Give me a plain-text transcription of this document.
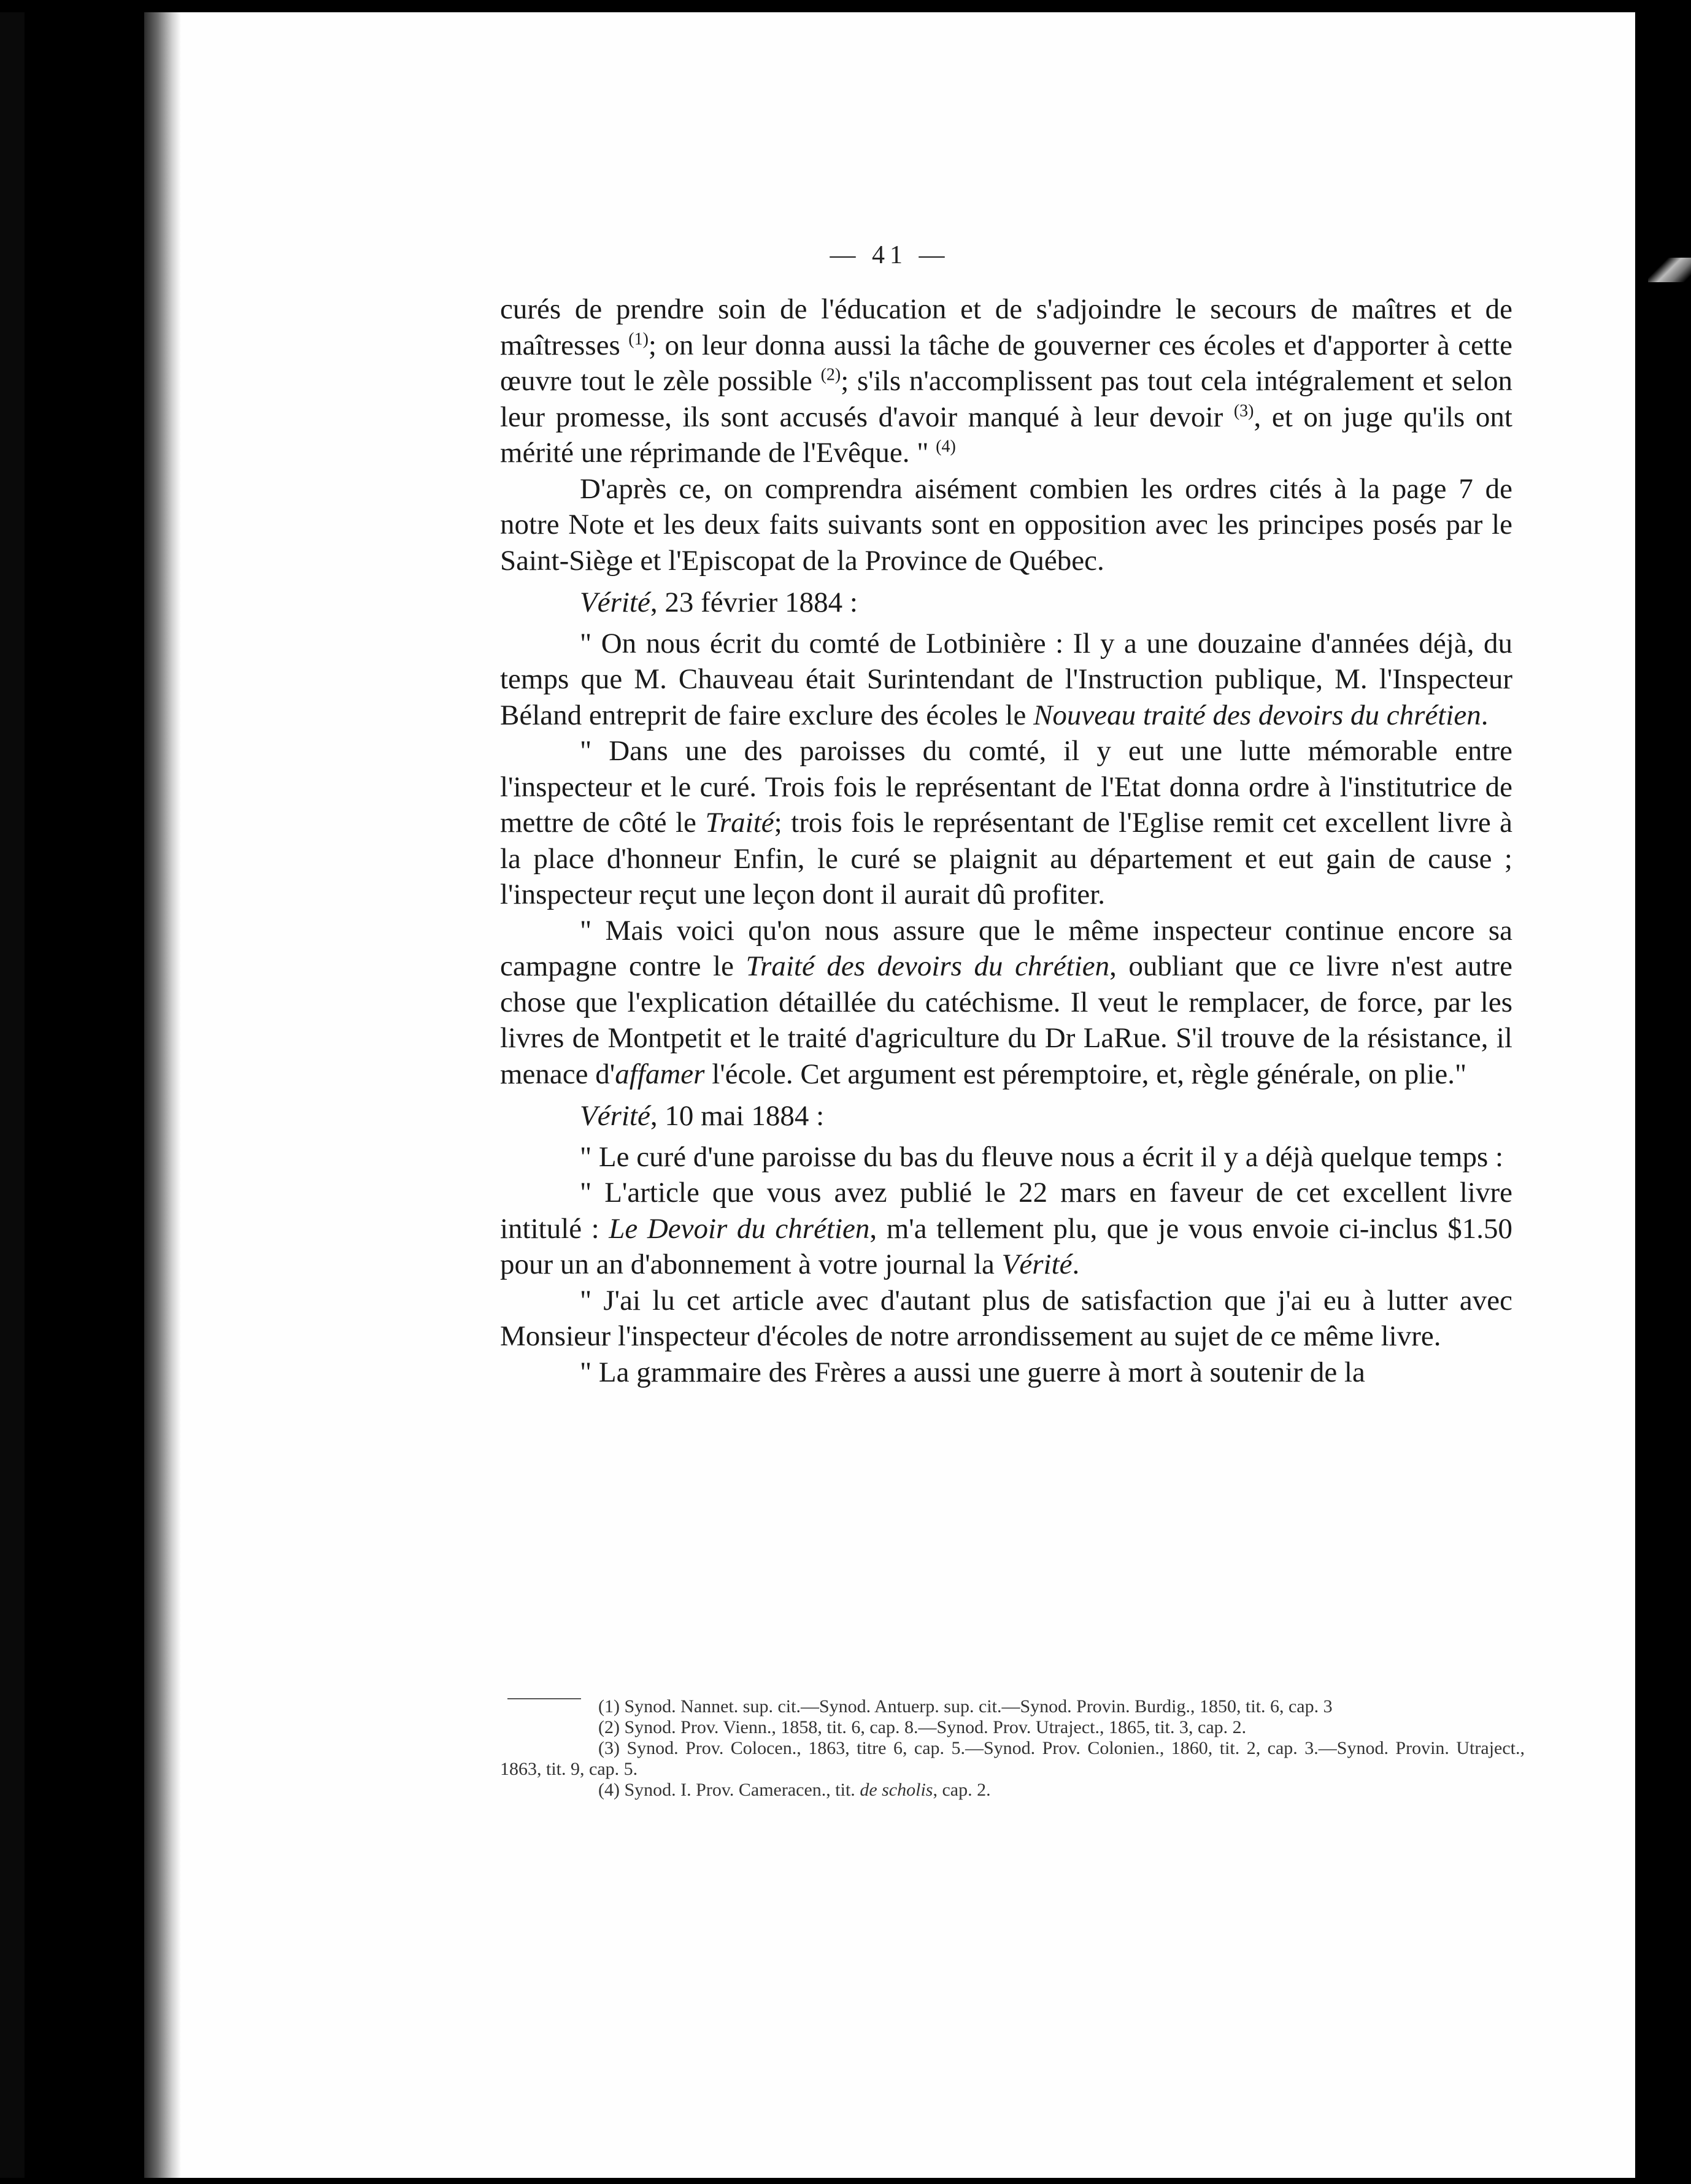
— 41 —

curés de prendre soin de l'éducation et de s'adjoindre le secours de maîtres et de maîtresses $^{(1)}$; on leur donna aussi la tâche de gouverner ces écoles et d'apporter à cette œuvre tout le zèle possible $^{(2)}$; s'ils n'accomplissent pas tout cela intégralement et selon leur promesse, ils sont accusés d'avoir manqué à leur devoir $^{(3)}$, et on juge qu'ils ont mérité une réprimande de l'Evêque. " $^{(4)}$

D'après ce, on comprendra aisément combien les ordres cités à la page 7 de notre Note et les deux faits suivants sont en opposition avec les principes posés par le Saint-Siège et l'Episcopat de la Province de Québec.

Vérité, 23 février 1884 :

" On nous écrit du comté de Lotbinière : Il y a une douzaine d'années déjà, du temps que M. Chauveau était Surintendant de l'Instruction publique, M. l'Inspecteur Béland entreprit de faire exclure des écoles le Nouveau traité des devoirs du chrétien.

" Dans une des paroisses du comté, il y eut une lutte mémorable entre l'inspecteur et le curé. Trois fois le représentant de l'Etat donna ordre à l'institutrice de mettre de côté le Traité; trois fois le représentant de l'Eglise remit cet excellent livre à la place d'honneur Enfin, le curé se plaignit au département et eut gain de cause ; l'inspecteur reçut une leçon dont il aurait dû profiter.

" Mais voici qu'on nous assure que le même inspecteur continue encore sa campagne contre le Traité des devoirs du chrétien, oubliant que ce livre n'est autre chose que l'explication détaillée du catéchisme. Il veut le remplacer, de force, par les livres de Montpetit et le traité d'agriculture du Dr LaRue. S'il trouve de la résistance, il menace d'affamer l'école. Cet argument est péremptoire, et, règle générale, on plie."

Vérité, 10 mai 1884 :

" Le curé d'une paroisse du bas du fleuve nous a écrit il y a déjà quelque temps :

" L'article que vous avez publié le 22 mars en faveur de cet excellent livre intitulé : Le Devoir du chrétien, m'a tellement plu, que je vous envoie ci-inclus $1.50 pour un an d'abonnement à votre journal la Vérité.

" J'ai lu cet article avec d'autant plus de satisfaction que j'ai eu à lutter avec Monsieur l'inspecteur d'écoles de notre arrondissement au sujet de ce même livre.

" La grammaire des Frères a aussi une guerre à mort à soutenir de la

(1) Synod. Nannet. sup. cit.—Synod. Antuerp. sup. cit.—Synod. Provin. Burdig., 1850, tit. 6, cap. 3

(2) Synod. Prov. Vienn., 1858, tit. 6, cap. 8.—Synod. Prov. Utraject., 1865, tit. 3, cap. 2.

(3) Synod. Prov. Colocen., 1863, titre 6, cap. 5.—Synod. Prov. Colonien., 1860, tit. 2, cap. 3.—Synod. Provin. Utraject., 1863, tit. 9, cap. 5.

(4) Synod. I. Prov. Cameracen., tit. de scholis, cap. 2.
